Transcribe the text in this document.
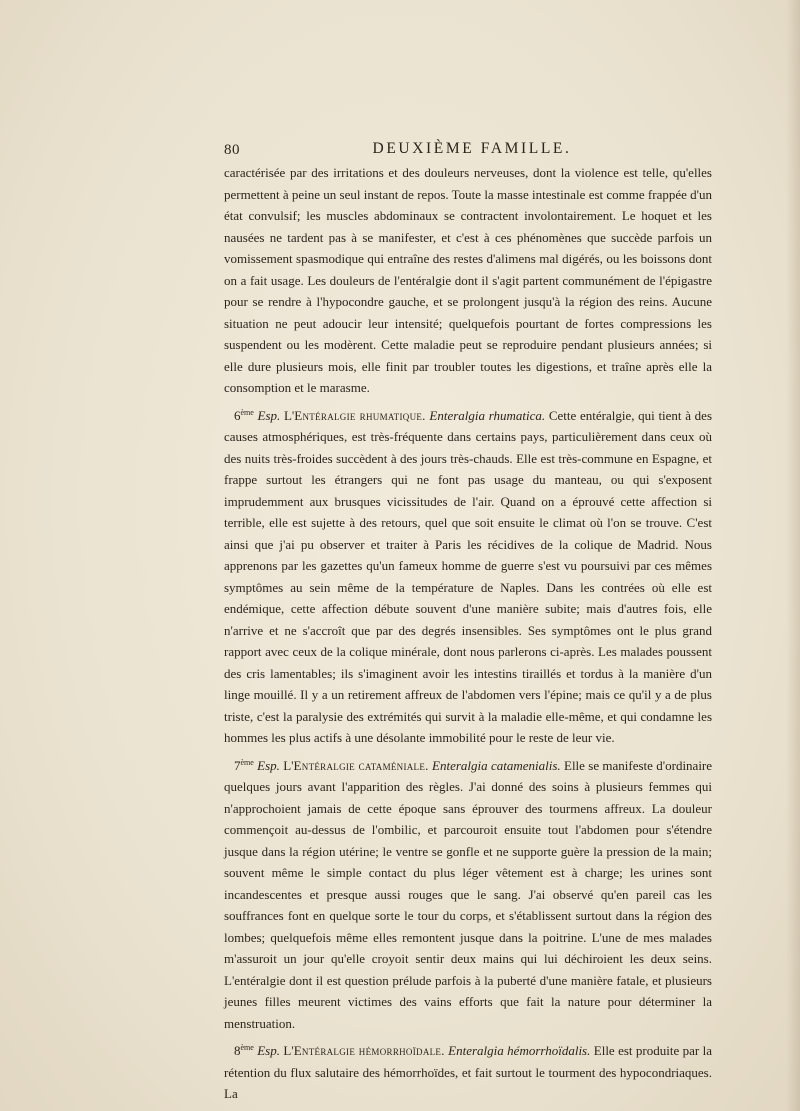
80	DEUXIÈME FAMILLE.

caractérisée par des irritations et des douleurs nerveuses, dont la violence est telle, qu'elles permettent à peine un seul instant de repos. Toute la masse intestinale est comme frappée d'un état convulsif; les muscles abdominaux se contractent involontairement. Le hoquet et les nausées ne tardent pas à se manifester, et c'est à ces phénomènes que succède parfois un vomissement spasmodique qui entraîne des restes d'alimens mal digérés, ou les boissons dont on a fait usage. Les douleurs de l'entéralgie dont il s'agit partent communément de l'épigastre pour se rendre à l'hypocondre gauche, et se prolongent jusqu'à la région des reins. Aucune situation ne peut adoucir leur intensité; quelquefois pourtant de fortes compressions les suspendent ou les modèrent. Cette maladie peut se reproduire pendant plusieurs années; si elle dure plusieurs mois, elle finit par troubler toutes les digestions, et traîne après elle la consomption et le marasme.

6ème Esp. L'Entéralgie rhumatique. Enteralgia rhumatica. Cette entéralgie, qui tient à des causes atmosphériques, est très-fréquente dans certains pays, particulièrement dans ceux où des nuits très-froides succèdent à des jours très-chauds. Elle est très-commune en Espagne, et frappe surtout les étrangers qui ne font pas usage du manteau, ou qui s'exposent imprudemment aux brusques vicissitudes de l'air. Quand on a éprouvé cette affection si terrible, elle est sujette à des retours, quel que soit ensuite le climat où l'on se trouve. C'est ainsi que j'ai pu observer et traiter à Paris les récidives de la colique de Madrid. Nous apprenons par les gazettes qu'un fameux homme de guerre s'est vu poursuivi par ces mêmes symptômes au sein même de la température de Naples. Dans les contrées où elle est endémique, cette affection débute souvent d'une manière subite; mais d'autres fois, elle n'arrive et ne s'accroît que par des degrés insensibles. Ses symptômes ont le plus grand rapport avec ceux de la colique minérale, dont nous parlerons ci-après. Les malades poussent des cris lamentables; ils s'imaginent avoir les intestins tiraillés et tordus à la manière d'un linge mouillé. Il y a un retirement affreux de l'abdomen vers l'épine; mais ce qu'il y a de plus triste, c'est la paralysie des extrémités qui survit à la maladie elle-même, et qui condamne les hommes les plus actifs à une désolante immobilité pour le reste de leur vie.

7ème Esp. L'Entéralgie cataméniale. Enteralgia catamenialis. Elle se manifeste d'ordinaire quelques jours avant l'apparition des règles. J'ai donné des soins à plusieurs femmes qui n'approchoient jamais de cette époque sans éprouver des tourmens affreux. La douleur commençoit au-dessus de l'ombilic, et parcouroit ensuite tout l'abdomen pour s'étendre jusque dans la région utérine; le ventre se gonfle et ne supporte guère la pression de la main; souvent même le simple contact du plus léger vêtement est à charge; les urines sont incandescentes et presque aussi rouges que le sang. J'ai observé qu'en pareil cas les souffrances font en quelque sorte le tour du corps, et s'établissent surtout dans la région des lombes; quelquefois même elles remontent jusque dans la poitrine. L'une de mes malades m'assuroit un jour qu'elle croyoit sentir deux mains qui lui déchiroient les deux seins. L'entéralgie dont il est question prélude parfois à la puberté d'une manière fatale, et plusieurs jeunes filles meurent victimes des vains efforts que fait la nature pour déterminer la menstruation.

8ème Esp. L'Entéralgie hémorrhoïdale. Enteralgia hémorrhoïdalis. Elle est produite par la rétention du flux salutaire des hémorrhoïdes, et fait surtout le tourment des hypocondriaques. La
